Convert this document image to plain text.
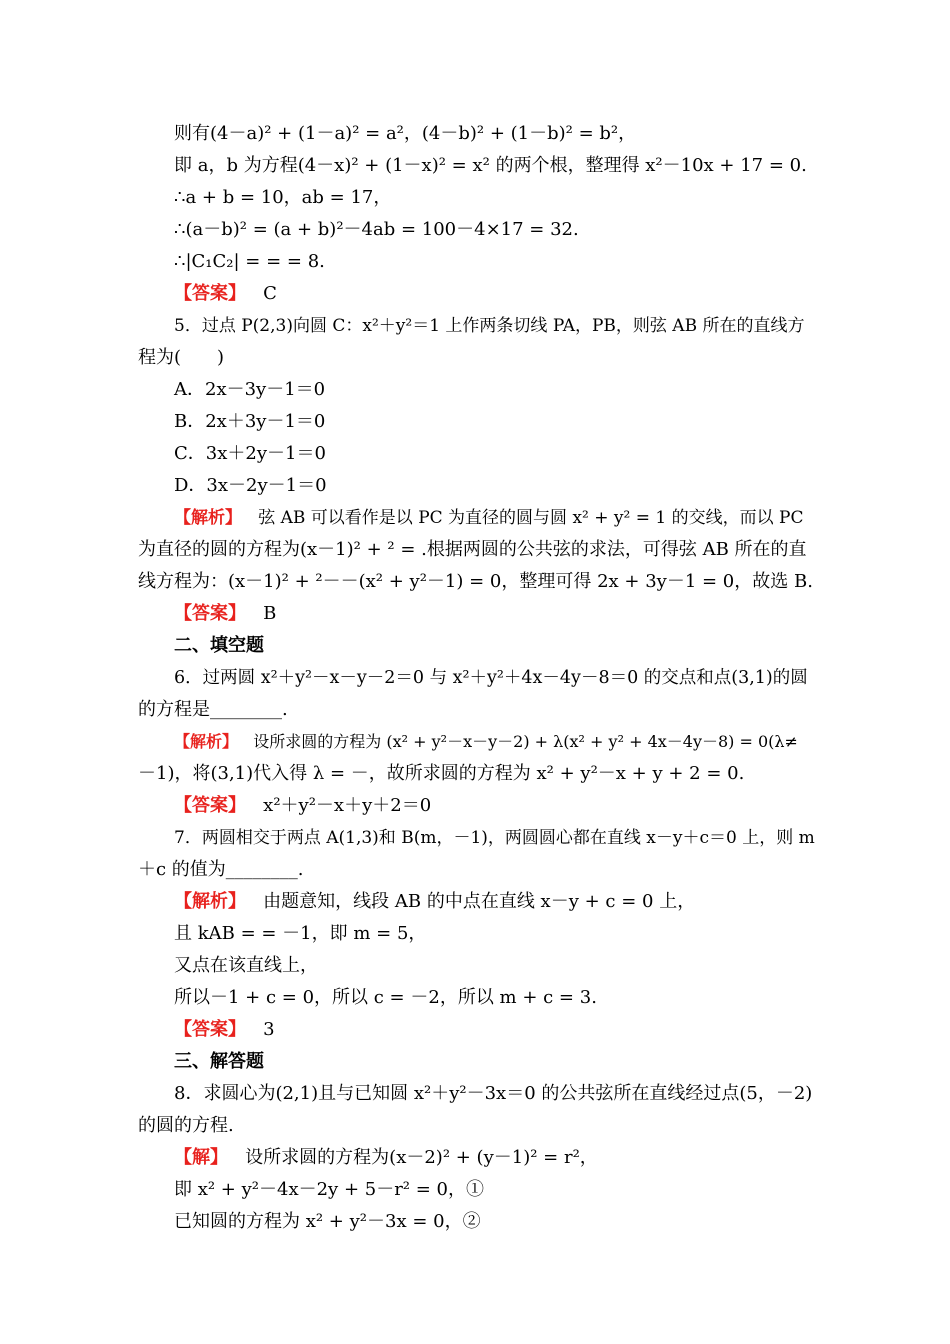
则有(4－a)² + (1－a)² = a²，(4－b)² + (1－b)² = b²，
即 a，b 为方程(4－x)² + (1－x)² = x² 的两个根，整理得 x²－10x + 17 = 0.
∴a + b = 10，ab = 17，
∴(a－b)² = (a + b)²－4ab = 100－4×17 = 32.
∴|C₁C₂| = = = 8.
【答案】 C
5．过点 P(2,3)向圆 C：x²＋y²＝1 上作两条切线 PA，PB，则弦 AB 所在的直线方
程为(　　)
A．2x－3y－1＝0
B．2x＋3y－1＝0
C．3x＋2y－1＝0
D．3x－2y－1＝0
【解析】 弦 AB 可以看作是以 PC 为直径的圆与圆 x² + y² = 1 的交线，而以 PC
为直径的圆的方程为(x－1)² + ² = .根据两圆的公共弦的求法，可得弦 AB 所在的直
线方程为：(x－1)² + ²－－(x² + y²－1) = 0，整理可得 2x + 3y－1 = 0，故选 B.
【答案】 B
二、填空题
6．过两圆 x²＋y²－x－y－2＝0 与 x²＋y²＋4x－4y－8＝0 的交点和点(3,1)的圆
的方程是________.
【解析】 设所求圆的方程为 (x² + y²－x－y－2) + λ(x² + y² + 4x－4y－8) = 0(λ≠
－1)，将(3,1)代入得 λ = －，故所求圆的方程为 x² + y²－x + y + 2 = 0.
【答案】 x²＋y²－x＋y＋2＝0
7．两圆相交于两点 A(1,3)和 B(m，－1)，两圆圆心都在直线 x－y＋c＝0 上，则 m
＋c 的值为________.
【解析】 由题意知，线段 AB 的中点在直线 x－y + c = 0 上，
且 kAB = = －1，即 m = 5，
又点在该直线上，
所以－1 + c = 0，所以 c = －2，所以 m + c = 3.
【答案】 3
三、解答题
8．求圆心为(2,1)且与已知圆 x²＋y²－3x＝0 的公共弦所在直线经过点(5，－2)
的圆的方程.
【解】 设所求圆的方程为(x－2)² + (y－1)² = r²，
即 x² + y²－4x－2y + 5－r² = 0，①
已知圆的方程为 x² + y²－3x = 0，②
